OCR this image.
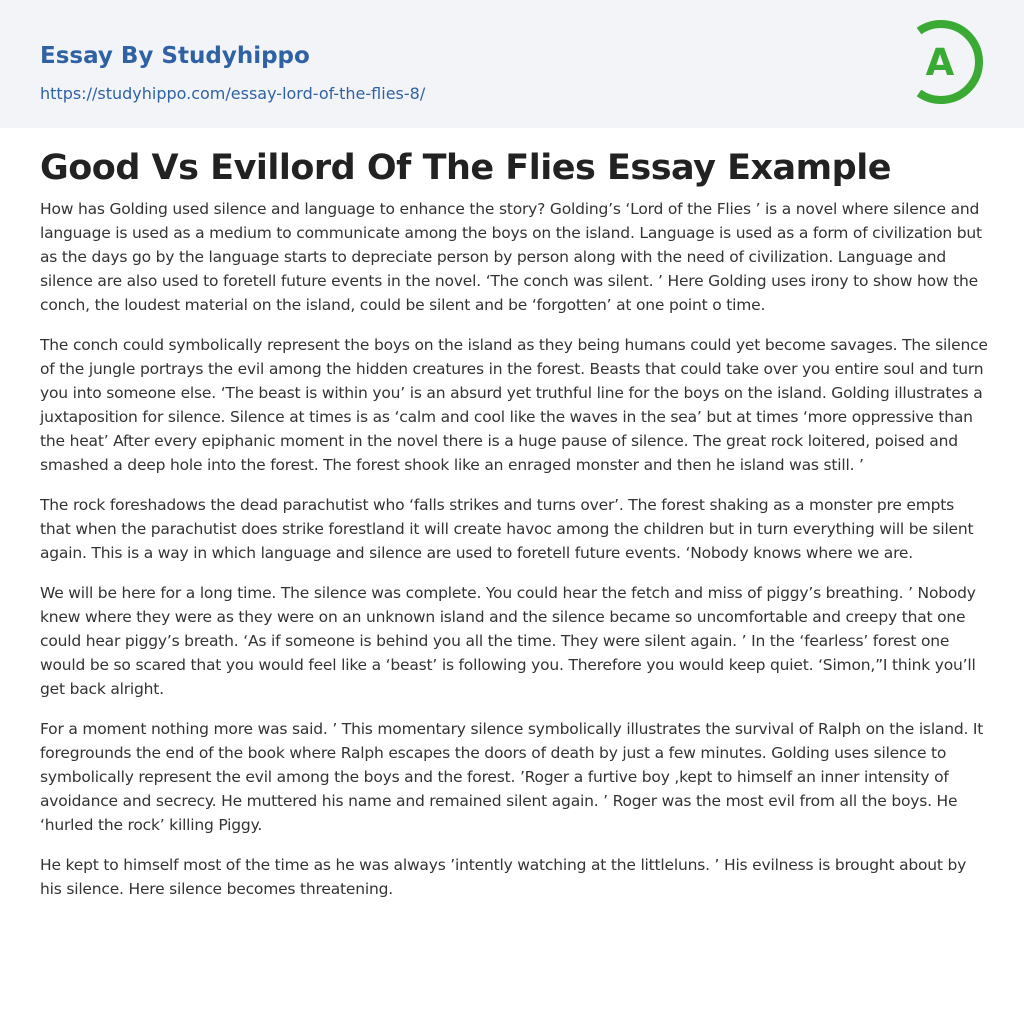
Essay By Studyhippo
https://studyhippo.com/essay-lord-of-the-flies-8/
A
Good Vs Evillord Of The Flies Essay Example

How has Golding used silence and language to enhance the story? Golding’s ‘Lord of the Flies ’ is a novel where silence and language is used as a medium to communicate among the boys on the island. Language is used as a form of civilization but as the days go by the language starts to depreciate person by person along with the need of civilization. Language and silence are also used to foretell future events in the novel. ‘The conch was silent. ’ Here Golding uses irony to show how the conch, the loudest material on the island, could be silent and be ‘forgotten’ at one point o time.

The conch could symbolically represent the boys on the island as they being humans could yet become savages. The silence of the jungle portrays the evil among the hidden creatures in the forest. Beasts that could take over you entire soul and turn you into someone else. ‘The beast is within you’ is an absurd yet truthful line for the boys on the island. Golding illustrates a juxtaposition for silence. Silence at times is as ‘calm and cool like the waves in the sea’ but at times ‘more oppressive than the heat’ After every epiphanic moment in the novel there is a huge pause of silence. The great rock loitered, poised and smashed a deep hole into the forest. The forest shook like an enraged monster and then he island was still. ’

The rock foreshadows the dead parachutist who ‘falls strikes and turns over’. The forest shaking as a monster pre empts that when the parachutist does strike forestland it will create havoc among the children but in turn everything will be silent again. This is a way in which language and silence are used to foretell future events. ‘Nobody knows where we are.

We will be here for a long time. The silence was complete. You could hear the fetch and miss of piggy’s breathing. ’ Nobody knew where they were as they were on an unknown island and the silence became so uncomfortable and creepy that one could hear piggy’s breath. ‘As if someone is behind you all the time. They were silent again. ’ In the ‘fearless’ forest one would be so scared that you would feel like a ‘beast’ is following you. Therefore you would keep quiet. ‘Simon,”I think you’ll get back alright.

For a moment nothing more was said. ’ This momentary silence symbolically illustrates the survival of Ralph on the island. It foregrounds the end of the book where Ralph escapes the doors of death by just a few minutes. Golding uses silence to symbolically represent the evil among the boys and the forest. ’Roger a furtive boy ,kept to himself an inner intensity of avoidance and secrecy. He muttered his name and remained silent again. ’ Roger was the most evil from all the boys. He ‘hurled the rock’ killing Piggy.

He kept to himself most of the time as he was always ’intently watching at the littleluns. ’ His evilness is brought about by his silence. Here silence becomes threatening.
